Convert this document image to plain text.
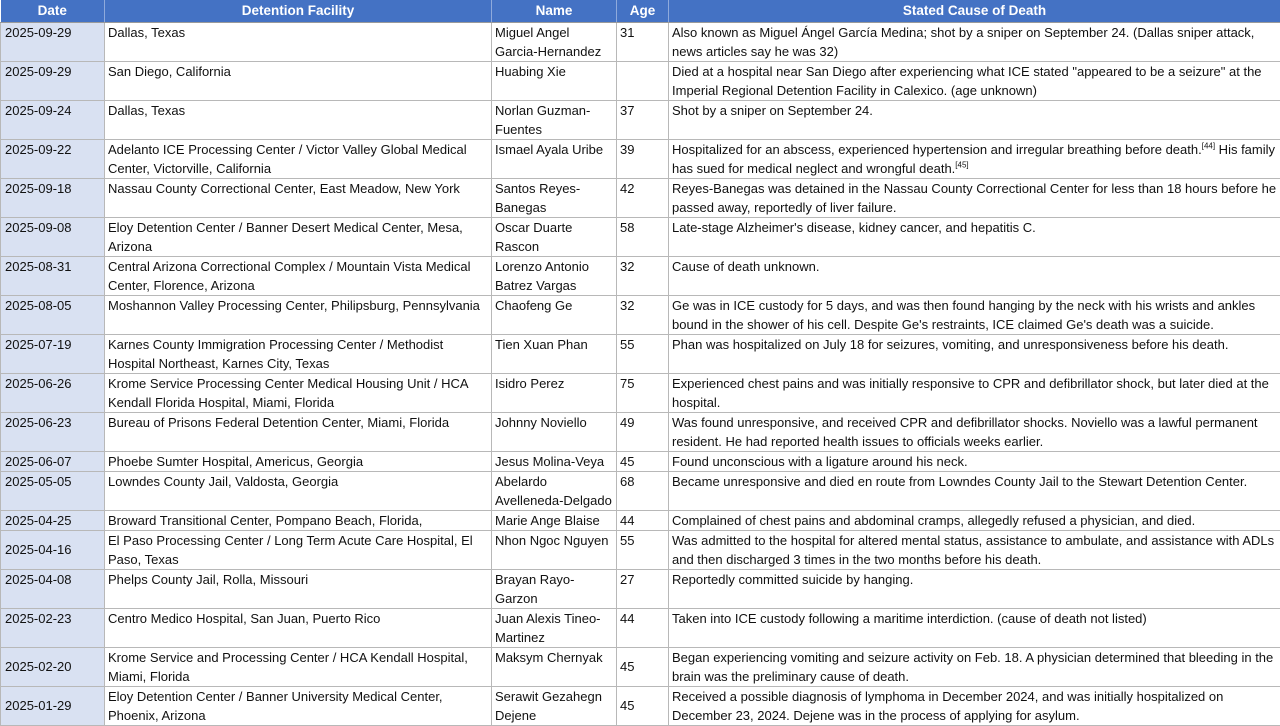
Date	Detention Facility	Name	Age	Stated Cause of Death
2025-09-29	Dallas, Texas	Miguel Angel Garcia-Hernandez	31	Also known as Miguel Ángel García Medina; shot by a sniper on September 24. (Dallas sniper attack, news articles say he was 32)
2025-09-29	San Diego, California	Huabing Xie		Died at a hospital near San Diego after experiencing what ICE stated "appeared to be a seizure" at the Imperial Regional Detention Facility in Calexico. (age unknown)
2025-09-24	Dallas, Texas	Norlan Guzman-Fuentes	37	Shot by a sniper on September 24.
2025-09-22	Adelanto ICE Processing Center / Victor Valley Global Medical Center, Victorville, California	Ismael Ayala Uribe	39	Hospitalized for an abscess, experienced hypertension and irregular breathing before death.[44] His family has sued for medical neglect and wrongful death.[45]
2025-09-18	Nassau County Correctional Center, East Meadow, New York	Santos Reyes-Banegas	42	Reyes-Banegas was detained in the Nassau County Correctional Center for less than 18 hours before he passed away, reportedly of liver failure.
2025-09-08	Eloy Detention Center / Banner Desert Medical Center, Mesa, Arizona	Oscar Duarte Rascon	58	Late-stage Alzheimer's disease, kidney cancer, and hepatitis C.
2025-08-31	Central Arizona Correctional Complex / Mountain Vista Medical Center, Florence, Arizona	Lorenzo Antonio Batrez Vargas	32	Cause of death unknown.
2025-08-05	Moshannon Valley Processing Center, Philipsburg, Pennsylvania	Chaofeng Ge	32	Ge was in ICE custody for 5 days, and was then found hanging by the neck with his wrists and ankles bound in the shower of his cell. Despite Ge's restraints, ICE claimed Ge's death was a suicide.
2025-07-19	Karnes County Immigration Processing Center / Methodist Hospital Northeast, Karnes City, Texas	Tien Xuan Phan	55	Phan was hospitalized on July 18 for seizures, vomiting, and unresponsiveness before his death.
2025-06-26	Krome Service Processing Center Medical Housing Unit / HCA Kendall Florida Hospital, Miami, Florida	Isidro Perez	75	Experienced chest pains and was initially responsive to CPR and defibrillator shock, but later died at the hospital.
2025-06-23	Bureau of Prisons Federal Detention Center, Miami, Florida	Johnny Noviello	49	Was found unresponsive, and received CPR and defibrillator shocks. Noviello was a lawful permanent resident. He had reported health issues to officials weeks earlier.
2025-06-07	Phoebe Sumter Hospital, Americus, Georgia	Jesus Molina-Veya	45	Found unconscious with a ligature around his neck.
2025-05-05	Lowndes County Jail, Valdosta, Georgia	Abelardo Avelleneda-Delgado	68	Became unresponsive and died en route from Lowndes County Jail to the Stewart Detention Center.
2025-04-25	Broward Transitional Center, Pompano Beach, Florida,	Marie Ange Blaise	44	Complained of chest pains and abdominal cramps, allegedly refused a physician, and died.
2025-04-16	El Paso Processing Center / Long Term Acute Care Hospital, El Paso, Texas	Nhon Ngoc Nguyen	55	Was admitted to the hospital for altered mental status, assistance to ambulate, and assistance with ADLs and then discharged 3 times in the two months before his death.
2025-04-08	Phelps County Jail, Rolla, Missouri	Brayan Rayo-Garzon	27	Reportedly committed suicide by hanging.
2025-02-23	Centro Medico Hospital, San Juan, Puerto Rico	Juan Alexis Tineo-Martinez	44	Taken into ICE custody following a maritime interdiction. (cause of death not listed)
2025-02-20	Krome Service and Processing Center / HCA Kendall Hospital, Miami, Florida	Maksym Chernyak	45	Began experiencing vomiting and seizure activity on Feb. 18. A physician determined that bleeding in the brain was the preliminary cause of death.
2025-01-29	Eloy Detention Center / Banner University Medical Center, Phoenix, Arizona	Serawit Gezahegn Dejene	45	Received a possible diagnosis of lymphoma in December 2024, and was initially hospitalized on December 23, 2024. Dejene was in the process of applying for asylum.
